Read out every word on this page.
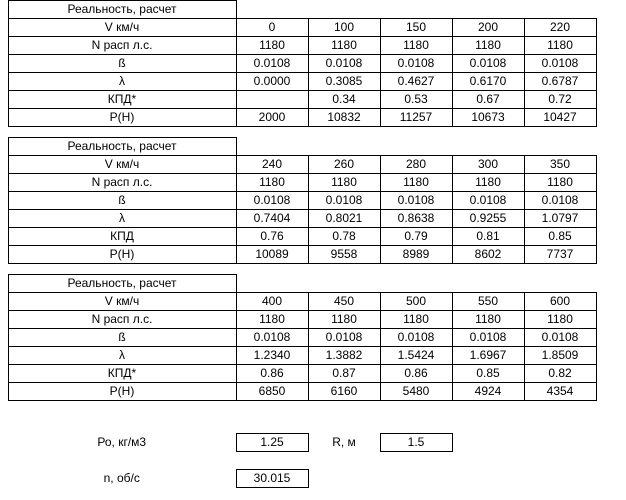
	Реальность, расчет					
	V км/ч	0	100	150	200	220
	N расп л.с.	1180	1180	1180	1180	1180
	ß	0.0108	0.0108	0.0108	0.0108	0.0108
	λ	0.0000	0.3085	0.4627	0.6170	0.6787
	КПД*		0.34	0.53	0.67	0.72
	P(H)	2000	10832	11257	10673	10427
	Реальность, расчет					
	V км/ч	240	260	280	300	350
	N расп л.с.	1180	1180	1180	1180	1180
	ß	0.0108	0.0108	0.0108	0.0108	0.0108
	λ	0.7404	0.8021	0.8638	0.9255	1.0797
	КПД	0.76	0.78	0.79	0.81	0.85
	P(H)	10089	9558	8989	8602	7737
	Реальность, расчет					
	V км/ч	400	450	500	550	600
	N расп л.с.	1180	1180	1180	1180	1180
	ß	0.0108	0.0108	0.0108	0.0108	0.0108
	λ	1.2340	1.3882	1.5424	1.6967	1.8509
	КПД*	0.86	0.87	0.86	0.85	0.82
	P(H)	6850	6160	5480	4924	4354
	Ро, кг/м3	1.25	R, м	1.5		

	n, об/с	30.015				
